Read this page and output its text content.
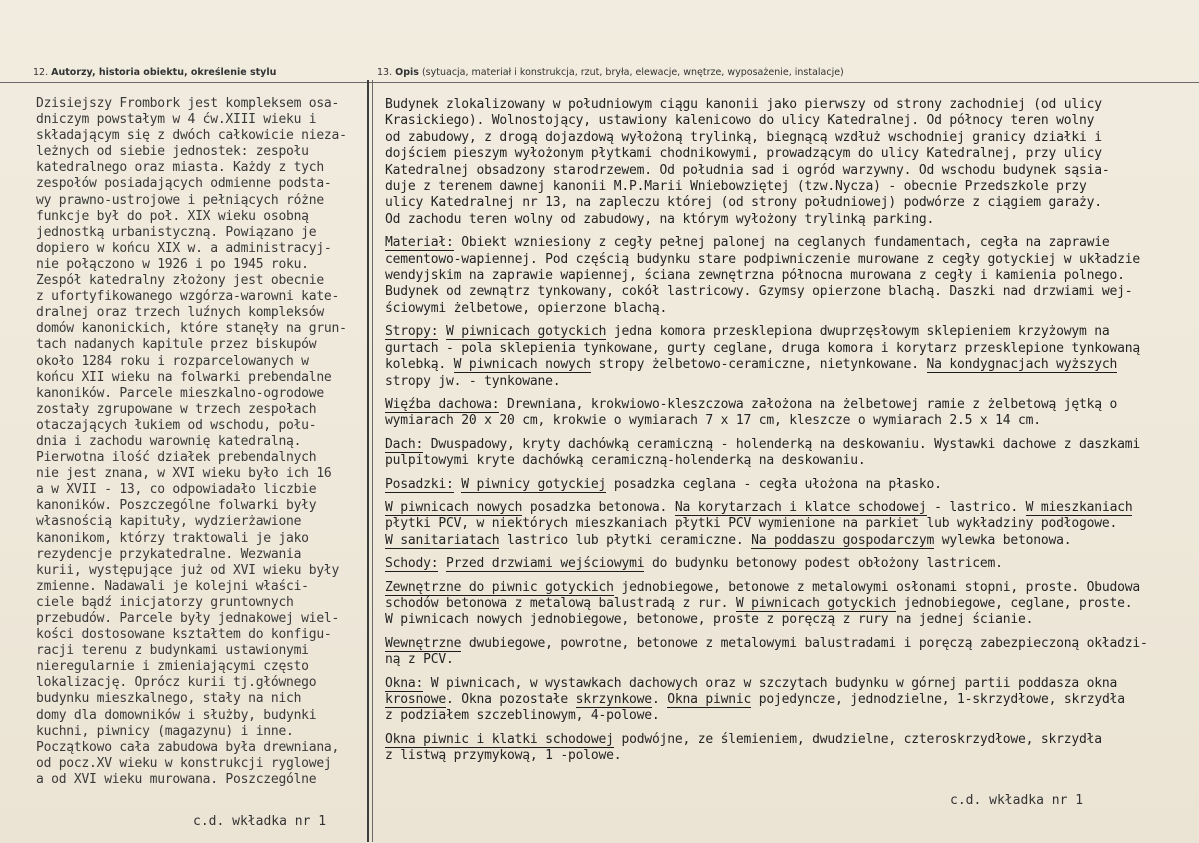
12. Autorzy, historia obiektu, określenie stylu	13. Opis (sytuacja, materiał i konstrukcja, rzut, bryła, elewacje, wnętrze, wyposażenie, instalacje)
Dzisiejszy Frombork jest kompleksem osa-
dniczym powstałym w 4 ćw.XIII wieku i
składającym się z dwóch całkowicie nieza-
leżnych od siebie jednostek: zespołu
katedralnego oraz miasta. Każdy z tych
zespołów posiadających odmienne podsta-
wy prawno-ustrojowe i pełniących różne
funkcje był do poł. XIX wieku osobną
jednostką urbanistyczną. Powiązano je
dopiero w końcu XIX w. a administracyj-
nie połączono w 1926 i po 1945 roku.
Zespół katedralny złożony jest obecnie
z ufortyfikowanego wzgórza-warowni kate-
dralnej oraz trzech luźnych kompleksów
domów kanonickich, które stanęły na grun-
tach nadanych kapitule przez biskupów
około 1284 roku i rozparcelowanych w
końcu XII wieku na folwarki prebendalne
kanoników. Parcele mieszkalno-ogrodowe
zostały zgrupowane w trzech zespołach
otaczających łukiem od wschodu, połu-
dnia i zachodu warownię katedralną.
Pierwotna ilość działek prebendalnych
nie jest znana, w XVI wieku było ich 16
a w XVII - 13, co odpowiadało liczbie
kanoników. Poszczególne folwarki były
własnością kapituły, wydzierżawione
kanonikom, którzy traktowali je jako
rezydencje przykatedralne. Wezwania
kurii, występujące już od XVI wieku były
zmienne. Nadawali je kolejni właści-
ciele bądź inicjatorzy gruntownych
przebudów. Parcele były jednakowej wiel-
kości dostosowane kształtem do konfigu-
racji terenu z budynkami ustawionymi
nieregularnie i zmieniającymi często
lokalizację. Oprócz kurii tj.głównego
budynku mieszkalnego, stały na nich
domy dla domowników i służby, budynki
kuchni, piwnicy (magazynu) i inne.
Początkowo cała zabudowa była drewniana,
od pocz.XV wieku w konstrukcji ryglowej
a od XVI wieku murowana. Poszczególne
Budynek zlokalizowany w południowym ciągu kanonii jako pierwszy od strony zachodniej (od ulicy
Krasickiego). Wolnostojący, ustawiony kalenicowo do ulicy Katedralnej. Od północy teren wolny
od zabudowy, z drogą dojazdową wyłożoną trylinką, biegnącą wzdłuż wschodniej granicy działki i
dojściem pieszym wyłożonym płytkami chodnikowymi, prowadzącym do ulicy Katedralnej, przy ulicy
Katedralnej obsadzony starodrzewem. Od południa sad i ogród warzywny. Od wschodu budynek sąsia-
duje z terenem dawnej kanonii M.P.Marii Wniebowziętej (tzw.Nycza) - obecnie Przedszkole przy
ulicy Katedralnej nr 13, na zapleczu której (od strony południowej) podwórze z ciągiem garaży.
Od zachodu teren wolny od zabudowy, na którym wyłożony trylinką parking.
Materiał: Obiekt wzniesiony z cegły pełnej palonej na ceglanych fundamentach, cegła na zaprawie
cementowo-wapiennej. Pod częścią budynku stare podpiwniczenie murowane z cegły gotyckiej w układzie
wendyjskim na zaprawie wapiennej, ściana zewnętrzna północna murowana z cegły i kamienia polnego.
Budynek od zewnątrz tynkowany, cokół lastricowy. Gzymsy opierzone blachą. Daszki nad drzwiami wej-
ściowymi żelbetowe, opierzone blachą.
Stropy: W piwnicach gotyckich jedna komora przesklepiona dwuprzęsłowym sklepieniem krzyżowym na
gurtach - pola sklepienia tynkowane, gurty ceglane, druga komora i korytarz przesklepione tynkowaną
kolebką. W piwnicach nowych stropy żelbetowo-ceramiczne, nietynkowane. Na kondygnacjach wyższych
stropy jw. - tynkowane.
Więźba dachowa: Drewniana, krokwiowo-kleszczowa założona na żelbetowej ramie z żelbetową jętką o
wymiarach 20 x 20 cm, krokwie o wymiarach 7 x 17 cm, kleszcze o wymiarach 2.5 x 14 cm.
Dach: Dwuspadowy, kryty dachówką ceramiczną - holenderką na deskowaniu. Wystawki dachowe z daszkami
pulpitowymi kryte dachówką ceramiczną-holenderką na deskowaniu.
Posadzki: W piwnicy gotyckiej posadzka ceglana - cegła ułożona na płasko.
W piwnicach nowych posadzka betonowa. Na korytarzach i klatce schodowej - lastrico. W mieszkaniach
płytki PCV, w niektórych mieszkaniach płytki PCV wymienione na parkiet lub wykładziny podłogowe.
W sanitariatach lastrico lub płytki ceramiczne. Na poddaszu gospodarczym wylewka betonowa.
Schody: Przed drzwiami wejściowymi do budynku betonowy podest obłożony lastricem.
Zewnętrzne do piwnic gotyckich jednobiegowe, betonowe z metalowymi osłonami stopni, proste. Obudowa
schodów betonowa z metalową balustradą z rur. W piwnicach gotyckich jednobiegowe, ceglane, proste.
W piwnicach nowych jednobiegowe, betonowe, proste z poręczą z rury na jednej ścianie.
Wewnętrzne dwubiegowe, powrotne, betonowe z metalowymi balustradami i poręczą zabezpieczoną okładzi-
ną z PCV.
Okna: W piwnicach, w wystawkach dachowych oraz w szczytach budynku w górnej partii poddasza okna
krosnowe. Okna pozostałe skrzynkowe. Okna piwnic pojedyncze, jednodzielne, 1-skrzydłowe, skrzydła
z podziałem szczeblinowym, 4-polowe.
Okna piwnic i klatki schodowej podwójne, ze ślemieniem, dwudzielne, czteroskrzydłowe, skrzydła
z listwą przymykową, 1 -polowe.
c.d. wkładka nr 1
c.d. wkładka nr 1
